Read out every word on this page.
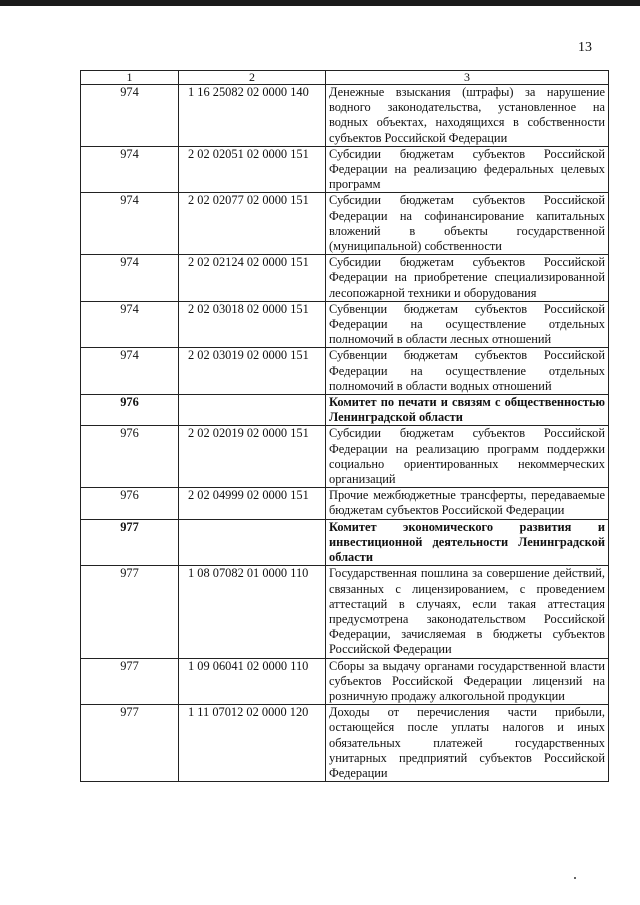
13
1	2	3
974	1 16 25082 02 0000 140	Денежные взыскания (штрафы) за нарушение водного законодательства, установленное на водных объектах, находящихся в собственности субъектов Российской Федерации
974	2 02 02051 02 0000 151	Субсидии бюджетам субъектов Российской Федерации на реализацию федеральных целевых программ
974	2 02 02077 02 0000 151	Субсидии бюджетам субъектов Российской Федерации на софинансирование капитальных вложений в объекты государственной (муниципальной) собственности
974	2 02 02124 02 0000 151	Субсидии бюджетам субъектов Российской Федерации на приобретение специализированной лесопожарной техники и оборудования
974	2 02 03018 02 0000 151	Субвенции бюджетам субъектов Российской Федерации на осуществление отдельных полномочий в области лесных отношений
974	2 02 03019 02 0000 151	Субвенции бюджетам субъектов Российской Федерации на осуществление отдельных полномочий в области водных отношений
976		Комитет по печати и связям с общественностью Ленинградской области
976	2 02 02019 02 0000 151	Субсидии бюджетам субъектов Российской Федерации на реализацию программ поддержки социально ориентированных некоммерческих организаций
976	2 02 04999 02 0000 151	Прочие межбюджетные трансферты, передаваемые бюджетам субъектов Российской Федерации
977		Комитет экономического развития и инвестиционной деятельности Ленинградской области
977	1 08 07082 01 0000 110	Государственная пошлина за совершение действий, связанных с лицензированием, с проведением аттестаций в случаях, если такая аттестация предусмотрена законодательством Российской Федерации, зачисляемая в бюджеты субъектов Российской Федерации
977	1 09 06041 02 0000 110	Сборы за выдачу органами государственной власти субъектов Российской Федерации лицензий на розничную продажу алкогольной продукции
977	1 11 07012 02 0000 120	Доходы от перечисления части прибыли, остающейся после уплаты налогов и иных обязательных платежей государственных унитарных предприятий субъектов Российской Федерации
